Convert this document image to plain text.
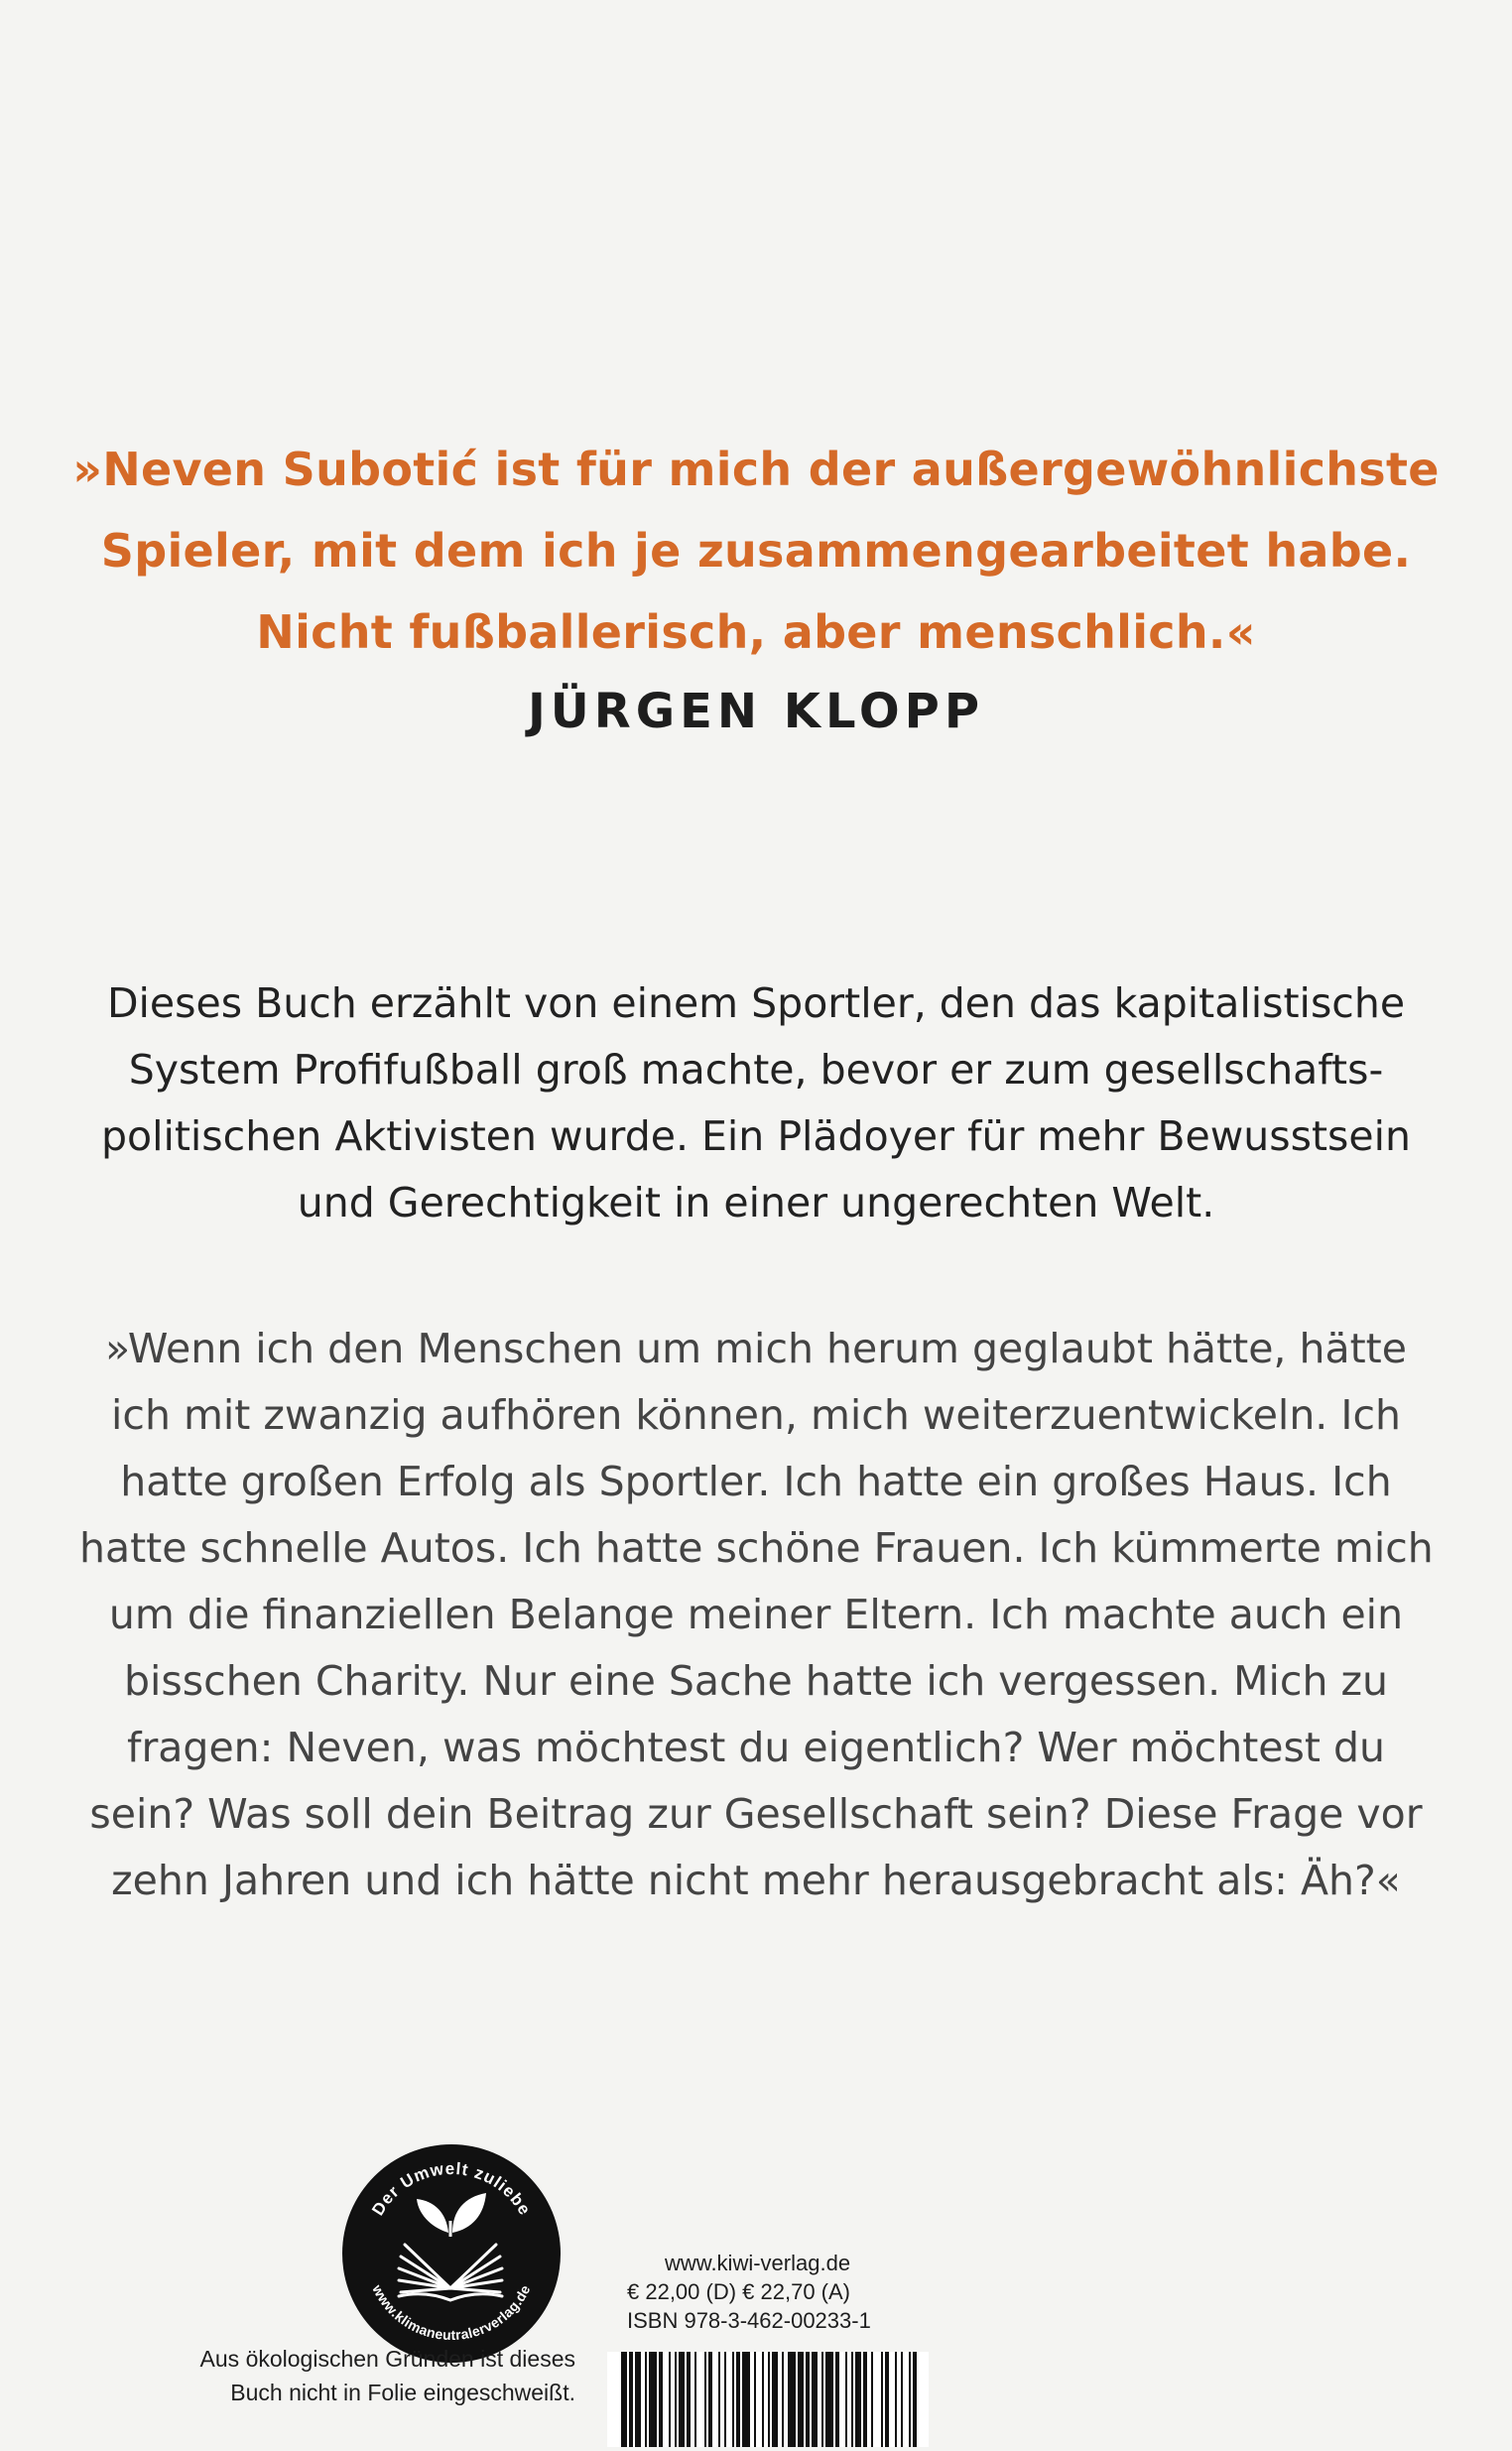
»Neven Subotić ist für mich der außergewöhnlichste
Spieler, mit dem ich je zusammengearbeitet habe.
Nicht fußballerisch, aber menschlich.«
JÜRGEN KLOPP
Dieses Buch erzählt von einem Sportler, den das kapitalistische
System Profifußball groß machte, bevor er zum gesellschafts-
politischen Aktivisten wurde. Ein Plädoyer für mehr Bewusstsein
und Gerechtigkeit in einer ungerechten Welt.
»Wenn ich den Menschen um mich herum geglaubt hätte, hätte
ich mit zwanzig aufhören können, mich weiterzuentwickeln. Ich
hatte großen Erfolg als Sportler. Ich hatte ein großes Haus. Ich
hatte schnelle Autos. Ich hatte schöne Frauen. Ich kümmerte mich
um die finanziellen Belange meiner Eltern. Ich machte auch ein
bisschen Charity. Nur eine Sache hatte ich vergessen. Mich zu
fragen: Neven, was möchtest du eigentlich? Wer möchtest du
sein? Was soll dein Beitrag zur Gesellschaft sein? Diese Frage vor
zehn Jahren und ich hätte nicht mehr herausgebracht als: Äh?«
Der Umwelt zuliebe
www.klimaneutralerverlag.de
Aus ökologischen Gründen ist dieses
Buch nicht in Folie eingeschweißt.
www.kiwi-verlag.de
€ 22,00 (D) € 22,70 (A)
ISBN 978-3-462-00233-1
